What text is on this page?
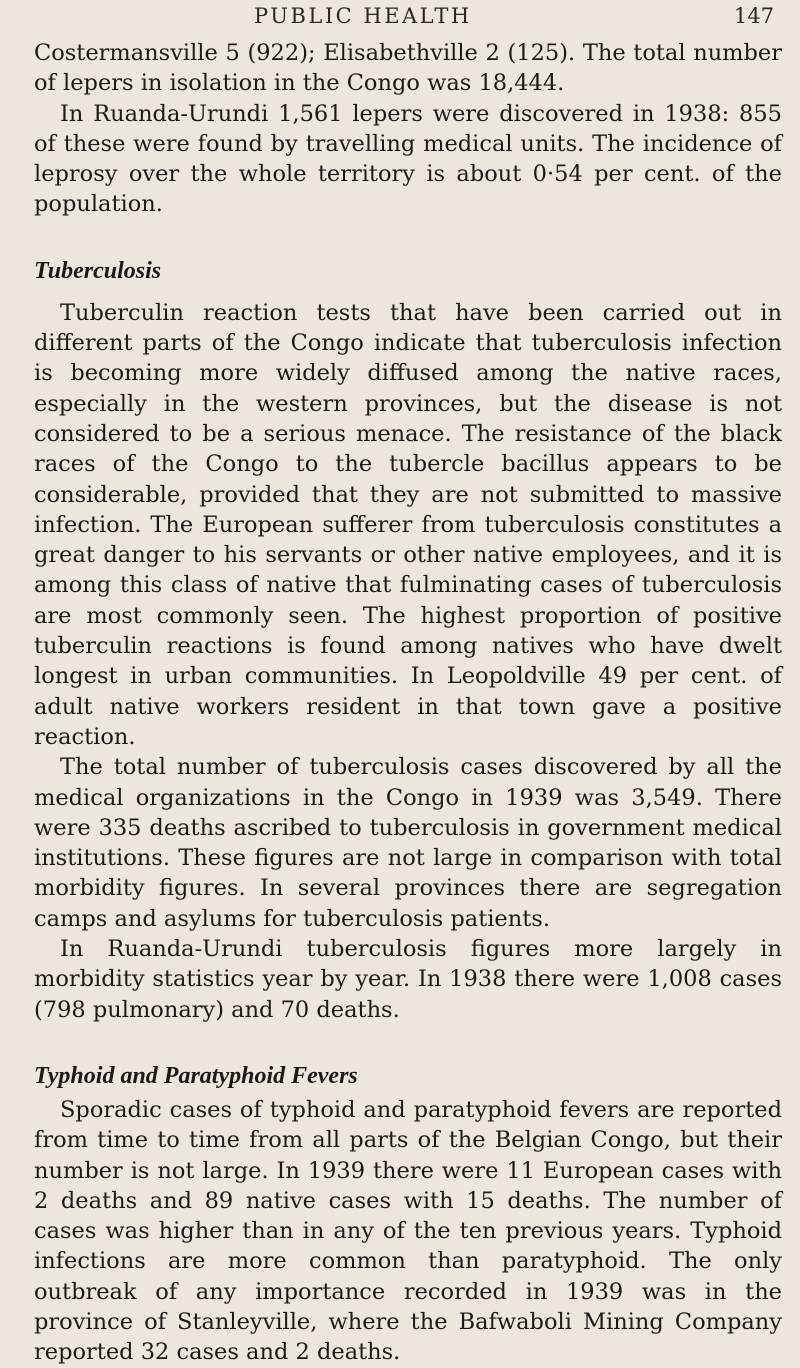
PUBLIC HEALTH	147

Costermansville 5 (922); Elisabethville 2 (125). The total number of lepers in isolation in the Congo was 18,444.

In Ruanda-Urundi 1,561 lepers were discovered in 1938: 855 of these were found by travelling medical units. The incidence of leprosy over the whole territory is about 0·54 per cent. of the population.

Tuberculosis

Tuberculin reaction tests that have been carried out in different parts of the Congo indicate that tuberculosis infection is becoming more widely diffused among the native races, especially in the western provinces, but the disease is not considered to be a serious menace. The resistance of the black races of the Congo to the tubercle bacillus appears to be considerable, provided that they are not submitted to massive infection. The European sufferer from tuberculosis constitutes a great danger to his servants or other native employees, and it is among this class of native that fulminating cases of tuberculosis are most commonly seen. The highest proportion of positive tuberculin reactions is found among natives who have dwelt longest in urban communities. In Leopoldville 49 per cent. of adult native workers resident in that town gave a positive reaction.

The total number of tuberculosis cases discovered by all the medical organizations in the Congo in 1939 was 3,549. There were 335 deaths ascribed to tuberculosis in government medical institutions. These figures are not large in comparison with total morbidity figures. In several provinces there are segregation camps and asylums for tuberculosis patients.

In Ruanda-Urundi tuberculosis figures more largely in morbidity statistics year by year. In 1938 there were 1,008 cases (798 pulmonary) and 70 deaths.

Typhoid and Paratyphoid Fevers

Sporadic cases of typhoid and paratyphoid fevers are reported from time to time from all parts of the Belgian Congo, but their number is not large. In 1939 there were 11 European cases with 2 deaths and 89 native cases with 15 deaths. The number of cases was higher than in any of the ten previous years. Typhoid infections are more common than paratyphoid. The only outbreak of any importance recorded in 1939 was in the province of Stanleyville, where the Bafwaboli Mining Company reported 32 cases and 2 deaths.
